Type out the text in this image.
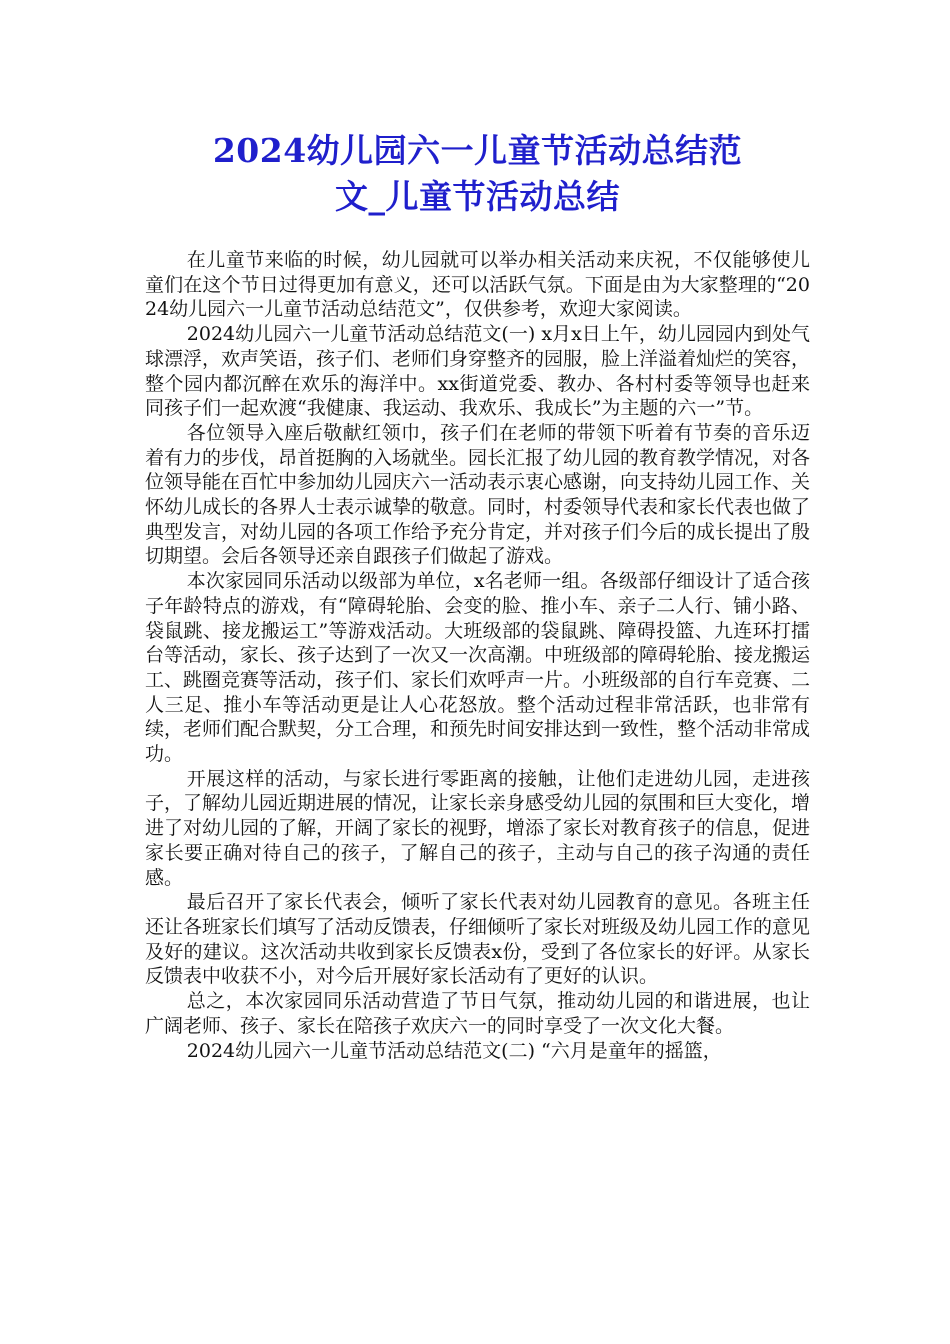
2024幼儿园六一儿童节活动总结范
文_儿童节活动总结

在儿童节来临的时候，幼儿园就可以举办相关活动来庆祝，不仅能够使儿童们在这个节日过得更加有意义，还可以活跃气氛。下面是由为大家整理的“2024幼儿园六一儿童节活动总结范文”，仅供参考，欢迎大家阅读。

2024幼儿园六一儿童节活动总结范文(一) x月x日上午，幼儿园园内到处气球漂浮，欢声笑语，孩子们、老师们身穿整齐的园服，脸上洋溢着灿烂的笑容，整个园内都沉醉在欢乐的海洋中。xx街道党委、教办、各村村委等领导也赶来同孩子们一起欢渡“我健康、我运动、我欢乐、我成长”为主题的六一”节。

各位领导入座后敬献红领巾，孩子们在老师的带领下听着有节奏的音乐迈着有力的步伐，昂首挺胸的入场就坐。园长汇报了幼儿园的教育教学情况，对各位领导能在百忙中参加幼儿园庆六一活动表示衷心感谢，向支持幼儿园工作、关怀幼儿成长的各界人士表示诚挚的敬意。同时，村委领导代表和家长代表也做了典型发言，对幼儿园的各项工作给予充分肯定，并对孩子们今后的成长提出了殷切期望。会后各领导还亲自跟孩子们做起了游戏。

本次家园同乐活动以级部为单位，x名老师一组。各级部仔细设计了适合孩子年龄特点的游戏，有“障碍轮胎、会变的脸、推小车、亲子二人行、铺小路、袋鼠跳、接龙搬运工”等游戏活动。大班级部的袋鼠跳、障碍投篮、九连环打擂台等活动，家长、孩子达到了一次又一次高潮。中班级部的障碍轮胎、接龙搬运工、跳圈竞赛等活动，孩子们、家长们欢呼声一片。小班级部的自行车竞赛、二人三足、推小车等活动更是让人心花怒放。整个活动过程非常活跃，也非常有续，老师们配合默契，分工合理，和预先时间安排达到一致性，整个活动非常成功。

开展这样的活动，与家长进行零距离的接触，让他们走进幼儿园，走进孩子，了解幼儿园近期进展的情况，让家长亲身感受幼儿园的氛围和巨大变化，增进了对幼儿园的了解，开阔了家长的视野，增添了家长对教育孩子的信息，促进家长要正确对待自己的孩子，了解自己的孩子，主动与自己的孩子沟通的责任感。

最后召开了家长代表会，倾听了家长代表对幼儿园教育的意见。各班主任还让各班家长们填写了活动反馈表，仔细倾听了家长对班级及幼儿园工作的意见及好的建议。这次活动共收到家长反馈表x份，受到了各位家长的好评。从家长反馈表中收获不小，对今后开展好家长活动有了更好的认识。

总之，本次家园同乐活动营造了节日气氛，推动幼儿园的和谐进展，也让广阔老师、孩子、家长在陪孩子欢庆六一的同时享受了一次文化大餐。

2024幼儿园六一儿童节活动总结范文(二) “六月是童年的摇篮，
